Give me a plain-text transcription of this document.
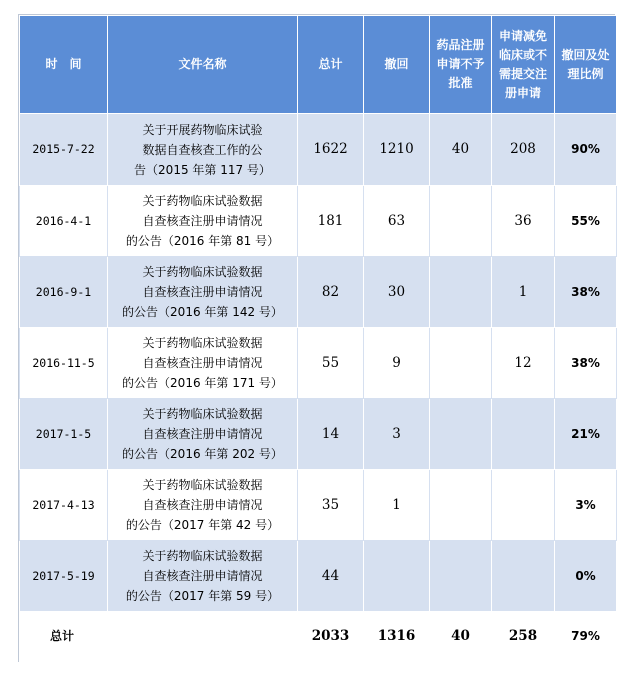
时　间	文件名称	总计	撤回	药品注册申请不予批准	申请减免临床或不需提交注册申请	撤回及处理比例
2015-7-22	关于开展药物临床试验
数据自查核查工作的公
告（2015 年第 117 号）	1622	1210	40	208	90%
2016-4-1	关于药物临床试验数据
自查核查注册申请情况
的公告（2016 年第 81 号）	181	63		36	55%
2016-9-1	关于药物临床试验数据
自查核查注册申请情况
的公告（2016 年第 142 号）	82	30		1	38%
2016-11-5	关于药物临床试验数据
自查核查注册申请情况
的公告（2016 年第 171 号）	55	9		12	38%
2017-1-5	关于药物临床试验数据
自查核查注册申请情况
的公告（2016 年第 202 号）	14	3			21%
2017-4-13	关于药物临床试验数据
自查核查注册申请情况
的公告（2017 年第 42 号）	35	1			3%
2017-5-19	关于药物临床试验数据
自查核查注册申请情况
的公告（2017 年第 59 号）	44				0%
总计		2033	1316	40	258	79%
